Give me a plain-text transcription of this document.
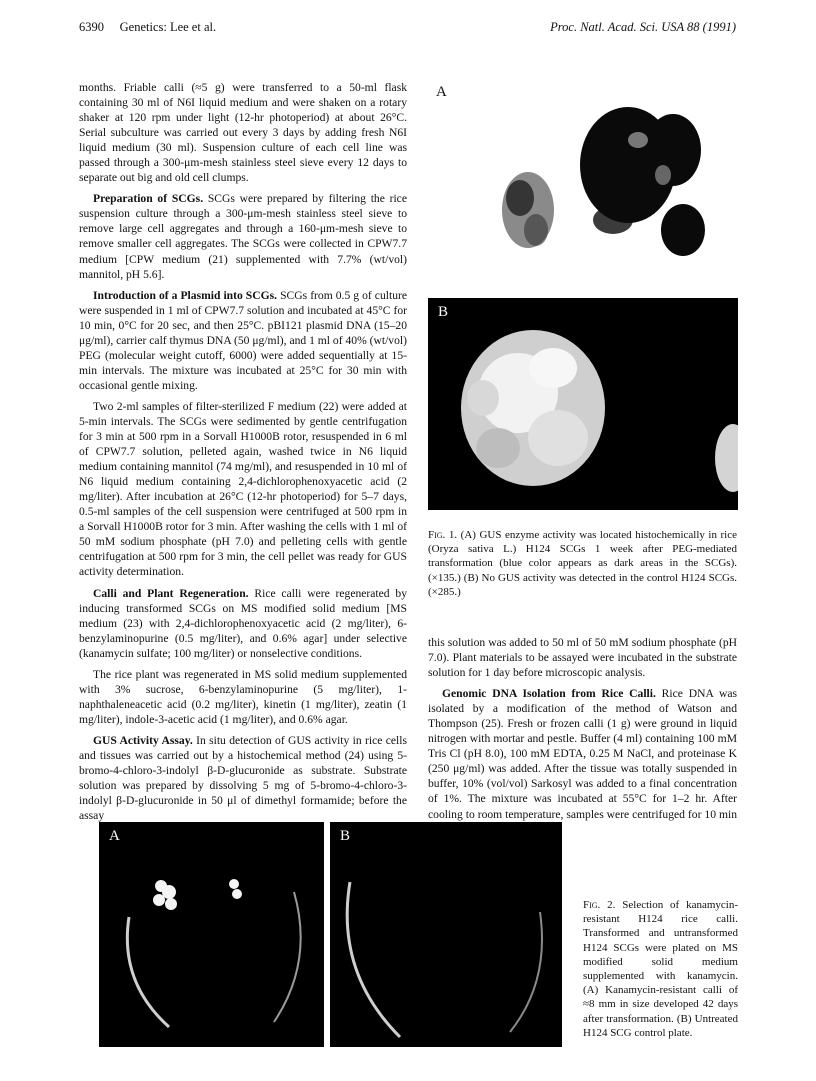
6390 Genetics: Lee et al.	Proc. Natl. Acad. Sci. USA 88 (1991)

months. Friable calli (≈5 g) were transferred to a 50-ml flask containing 30 ml of N6I liquid medium and were shaken on a rotary shaker at 120 rpm under light (12-hr photoperiod) at about 26°C. Serial subculture was carried out every 3 days by adding fresh N6I liquid medium (30 ml). Suspension culture of each cell line was passed through a 300-μm-mesh stainless steel sieve every 12 days to separate out big and old cell clumps.

Preparation of SCGs. SCGs were prepared by filtering the rice suspension culture through a 300-μm-mesh stainless steel sieve to remove large cell aggregates and through a 160-μm-mesh sieve to remove smaller cell aggregates. The SCGs were collected in CPW7.7 medium [CPW medium (21) supplemented with 7.7% (wt/vol) mannitol, pH 5.6].

Introduction of a Plasmid into SCGs. SCGs from 0.5 g of culture were suspended in 1 ml of CPW7.7 solution and incubated at 45°C for 10 min, 0°C for 20 sec, and then 25°C. pBI121 plasmid DNA (15–20 μg/ml), carrier calf thymus DNA (50 μg/ml), and 1 ml of 40% (wt/vol) PEG (molecular weight cutoff, 6000) were added sequentially at 15-min intervals. The mixture was incubated at 25°C for 30 min with occasional gentle mixing.

Two 2-ml samples of filter-sterilized F medium (22) were added at 5-min intervals. The SCGs were sedimented by gentle centrifugation for 3 min at 500 rpm in a Sorvall H1000B rotor, resuspended in 6 ml of CPW7.7 solution, pelleted again, washed twice in N6 liquid medium containing mannitol (74 mg/ml), and resuspended in 10 ml of N6 liquid medium containing 2,4-dichlorophenoxyacetic acid (2 mg/liter). After incubation at 26°C (12-hr photoperiod) for 5–7 days, 0.5-ml samples of the cell suspension were centrifuged at 500 rpm in a Sorvall H1000B rotor for 3 min. After washing the cells with 1 ml of 50 mM sodium phosphate (pH 7.0) and pelleting cells with gentle centrifugation at 500 rpm for 3 min, the cell pellet was ready for GUS activity determination.

Calli and Plant Regeneration. Rice calli were regenerated by inducing transformed SCGs on MS modified solid medium [MS medium (23) with 2,4-dichlorophenoxyacetic acid (2 mg/liter), 6-benzylaminopurine (0.5 mg/liter), and 0.6% agar] under selective (kanamycin sulfate; 100 mg/liter) or nonselective conditions.

The rice plant was regenerated in MS solid medium supplemented with 3% sucrose, 6-benzylaminopurine (5 mg/liter), 1-naphthaleneacetic acid (0.2 mg/liter), kinetin (1 mg/liter), zeatin (1 mg/liter), indole-3-acetic acid (1 mg/liter), and 0.6% agar.

GUS Activity Assay. In situ detection of GUS activity in rice cells and tissues was carried out by a histochemical method (24) using 5-bromo-4-chloro-3-indolyl β-D-glucuronide as substrate. Substrate solution was prepared by dissolving 5 mg of 5-bromo-4-chloro-3-indolyl β-D-glucuronide in 50 μl of dimethyl formamide; before the assay

A
B
Fig. 1. (A) GUS enzyme activity was located histochemically in rice (Oryza sativa L.) H124 SCGs 1 week after PEG-mediated transformation (blue color appears as dark areas in the SCGs). (×135.) (B) No GUS activity was detected in the control H124 SCGs. (×285.)

this solution was added to 50 ml of 50 mM sodium phosphate (pH 7.0). Plant materials to be assayed were incubated in the substrate solution for 1 day before microscopic analysis.

Genomic DNA Isolation from Rice Calli. Rice DNA was isolated by a modification of the method of Watson and Thompson (25). Fresh or frozen calli (1 g) were ground in liquid nitrogen with mortar and pestle. Buffer (4 ml) containing 100 mM Tris Cl (pH 8.0), 100 mM EDTA, 0.25 M NaCl, and proteinase K (250 μg/ml) was added. After the tissue was totally suspended in buffer, 10% (vol/vol) Sarkosyl was added to a final concentration of 1%. The mixture was incubated at 55°C for 1–2 hr. After cooling to room temperature, samples were centrifuged for 10 min

A	B
Fig. 2. Selection of kanamycin-resistant H124 rice calli. Transformed and untransformed H124 SCGs were plated on MS modified solid medium supplemented with kanamycin. (A) Kanamycin-resistant calli of ≈8 mm in size developed 42 days after transformation. (B) Untreated H124 SCG control plate.
